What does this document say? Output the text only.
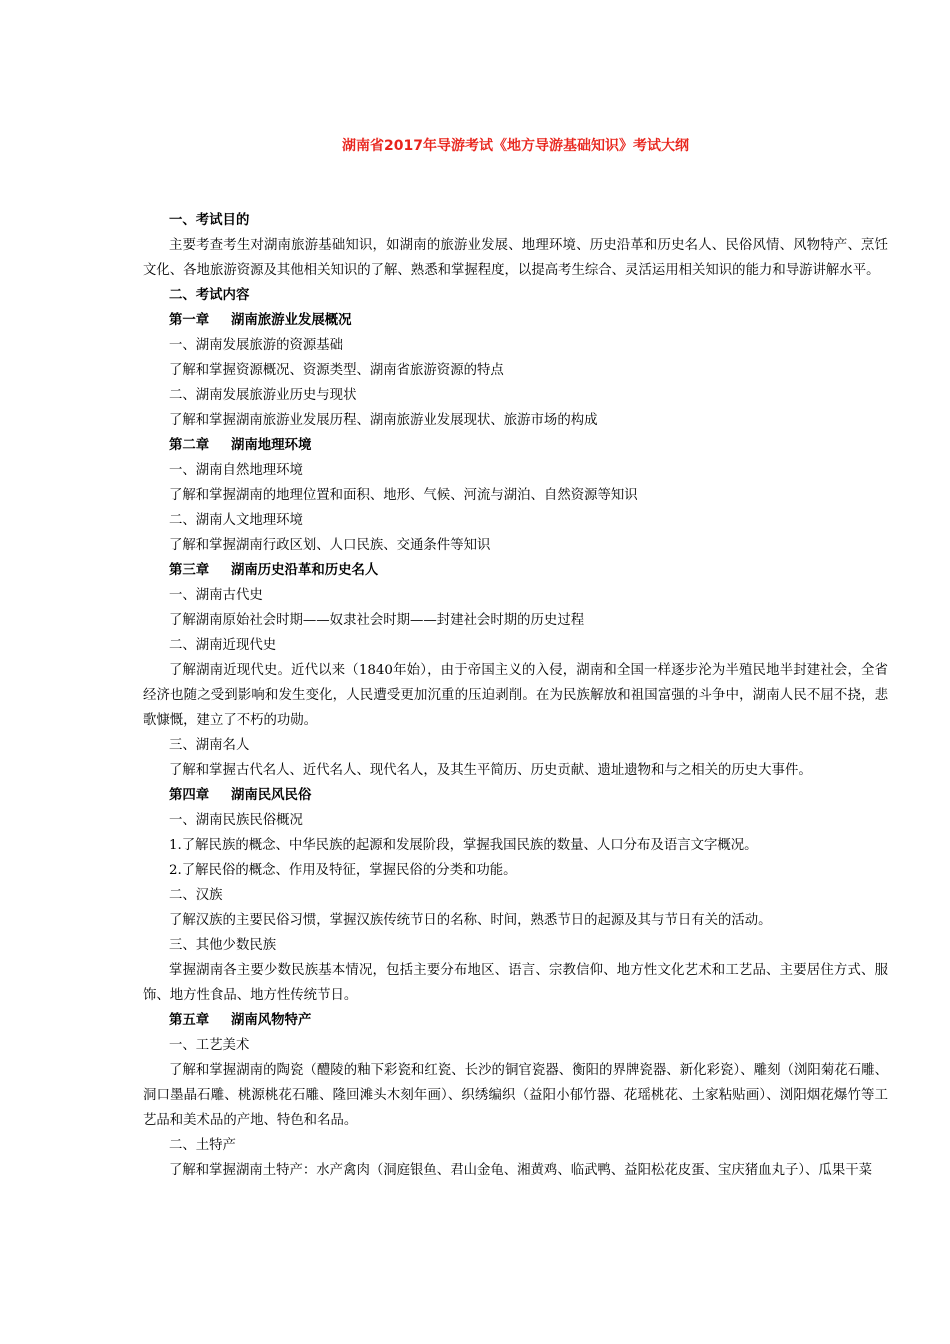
湖南省2017年导游考试《地方导游基础知识》考试大纲
一、考试目的
主要考查考生对湖南旅游基础知识，如湖南的旅游业发展、地理环境、历史沿革和历史名人、民俗风情、风物特产、烹饪文化、各地旅游资源及其他相关知识的了解、熟悉和掌握程度，以提高考生综合、灵活运用相关知识的能力和导游讲解水平。
二、考试内容
第一章 湖南旅游业发展概况
一、湖南发展旅游的资源基础
了解和掌握资源概况、资源类型、湖南省旅游资源的特点
二、湖南发展旅游业历史与现状
了解和掌握湖南旅游业发展历程、湖南旅游业发展现状、旅游市场的构成
第二章 湖南地理环境
一、湖南自然地理环境
了解和掌握湖南的地理位置和面积、地形、气候、河流与湖泊、自然资源等知识
二、湖南人文地理环境
了解和掌握湖南行政区划、人口民族、交通条件等知识
第三章 湖南历史沿革和历史名人
一、湖南古代史
了解湖南原始社会时期——奴隶社会时期——封建社会时期的历史过程
二、湖南近现代史
了解湖南近现代史。近代以来（1840年始），由于帝国主义的入侵，湖南和全国一样逐步沦为半殖民地半封建社会，全省经济也随之受到影响和发生变化，人民遭受更加沉重的压迫剥削。在为民族解放和祖国富强的斗争中，湖南人民不屈不挠，悲歌慷慨，建立了不朽的功勋。
三、湖南名人
了解和掌握古代名人、近代名人、现代名人，及其生平简历、历史贡献、遗址遗物和与之相关的历史大事件。
第四章 湖南民风民俗
一、湖南民族民俗概况
1.了解民族的概念、中华民族的起源和发展阶段，掌握我国民族的数量、人口分布及语言文字概况。
2.了解民俗的概念、作用及特征，掌握民俗的分类和功能。
二、汉族
了解汉族的主要民俗习惯，掌握汉族传统节日的名称、时间，熟悉节日的起源及其与节日有关的活动。
三、其他少数民族
掌握湖南各主要少数民族基本情况，包括主要分布地区、语言、宗教信仰、地方性文化艺术和工艺品、主要居住方式、服饰、地方性食品、地方性传统节日。
第五章 湖南风物特产
一、工艺美术
了解和掌握湖南的陶瓷（醴陵的釉下彩瓷和红瓷、长沙的铜官瓷器、衡阳的界牌瓷器、新化彩瓷）、雕刻（浏阳菊花石雕、洞口墨晶石雕、桃源桃花石雕、隆回滩头木刻年画）、织绣编织（益阳小郁竹器、花瑶桃花、土家粘贴画）、浏阳烟花爆竹等工艺品和美术品的产地、特色和名品。
二、土特产
了解和掌握湖南土特产：水产禽肉（洞庭银鱼、君山金龟、湘黄鸡、临武鸭、益阳松花皮蛋、宝庆猪血丸子）、瓜果干菜
